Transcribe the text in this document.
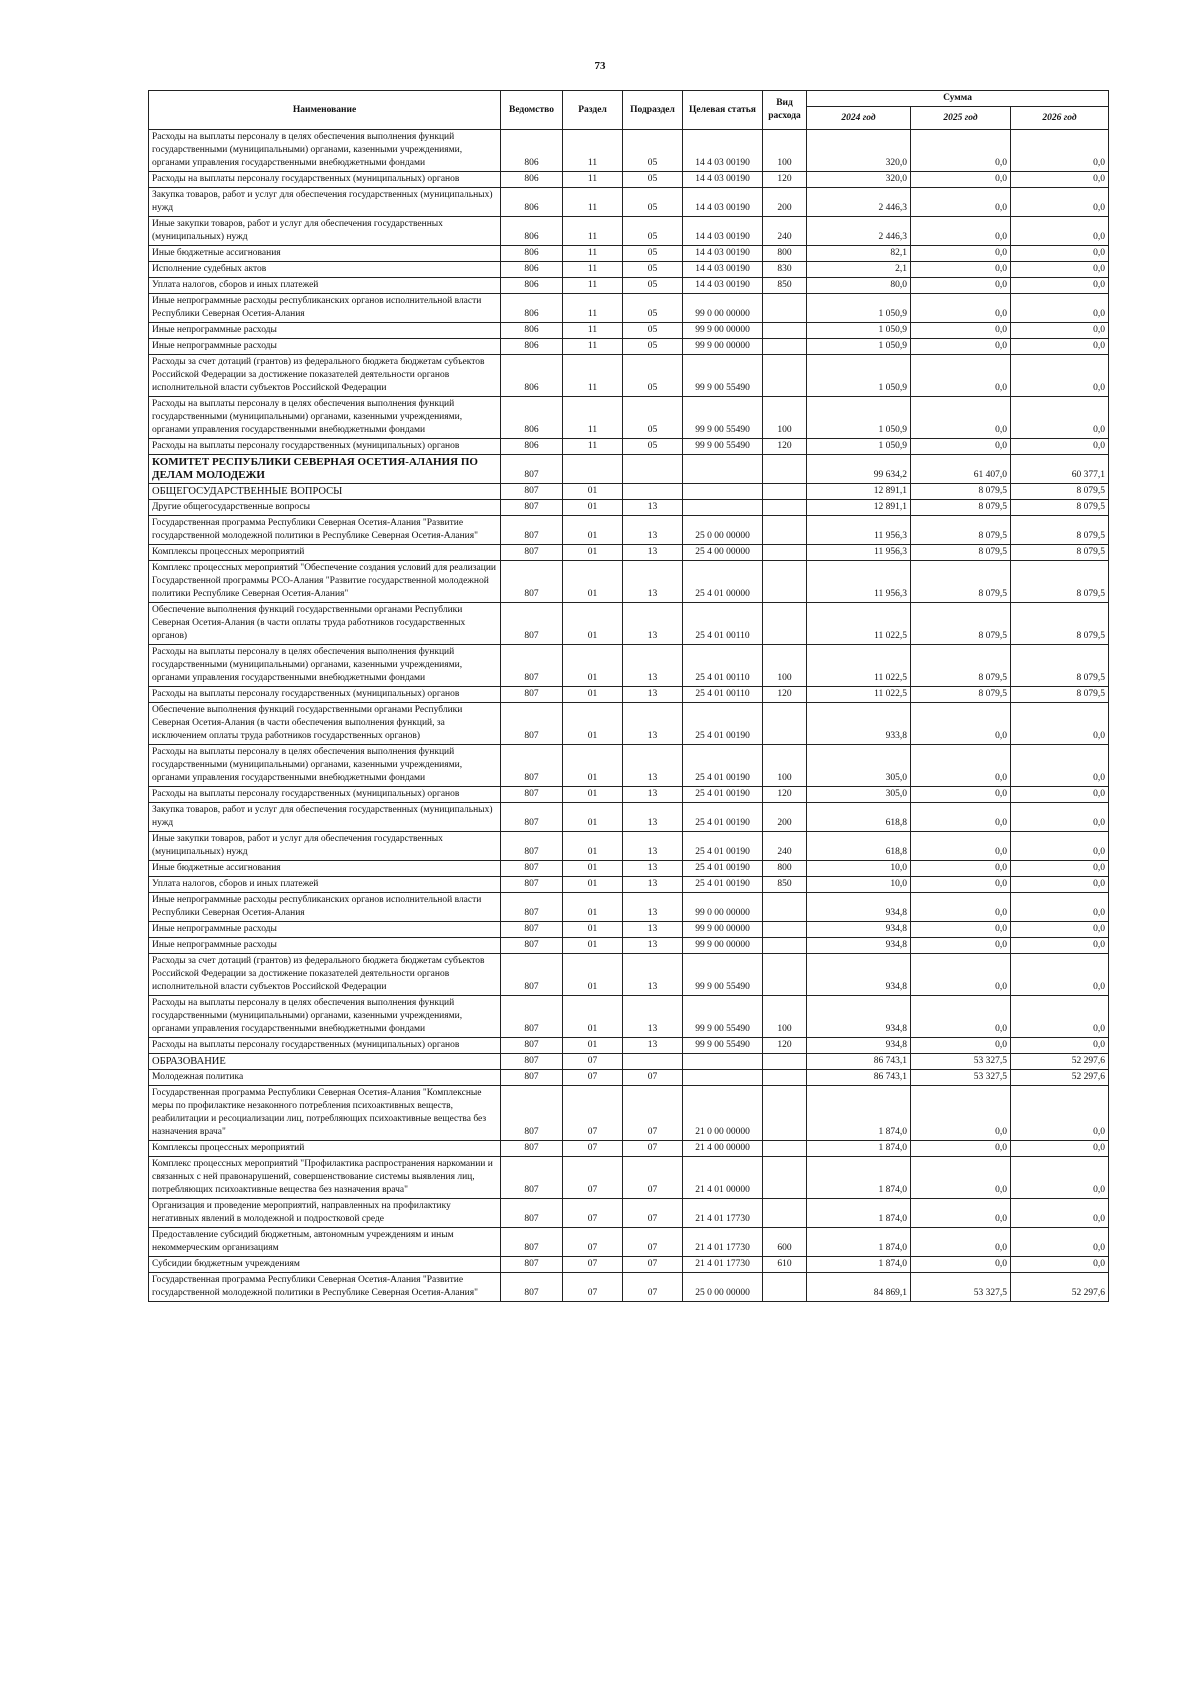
73
Наименование	Ведомство	Раздел	Подраздел	Целевая статья	Вид расхода	Сумма		
						2024 год	2025 год	2026 год
Расходы на выплаты персоналу в целях обеспечения выполнения функций государственными (муниципальными) органами, казенными учреждениями, органами управления государственными внебюджетными фондами	806	11	05	14 4 03 00190	100	320,0	0,0	0,0
Расходы на выплаты персоналу государственных (муниципальных) органов	806	11	05	14 4 03 00190	120	320,0	0,0	0,0
Закупка товаров, работ и услуг для обеспечения государственных (муниципальных) нужд	806	11	05	14 4 03 00190	200	2 446,3	0,0	0,0
Иные закупки товаров, работ и услуг для обеспечения государственных (муниципальных) нужд	806	11	05	14 4 03 00190	240	2 446,3	0,0	0,0
Иные бюджетные ассигнования	806	11	05	14 4 03 00190	800	82,1	0,0	0,0
Исполнение судебных актов	806	11	05	14 4 03 00190	830	2,1	0,0	0,0
Уплата налогов, сборов и иных платежей	806	11	05	14 4 03 00190	850	80,0	0,0	0,0
Иные непрограммные расходы республиканских органов исполнительной власти Республики Северная Осетия-Алания	806	11	05	99 0 00 00000		1 050,9	0,0	0,0
Иные непрограммные расходы	806	11	05	99 9 00 00000		1 050,9	0,0	0,0
Иные непрограммные расходы	806	11	05	99 9 00 00000		1 050,9	0,0	0,0
Расходы за счет дотаций (грантов) из федерального бюджета бюджетам субъектов Российской Федерации за достижение показателей деятельности органов исполнительной власти субъектов Российской Федерации	806	11	05	99 9 00 55490		1 050,9	0,0	0,0
Расходы на выплаты персоналу в целях обеспечения выполнения функций государственными (муниципальными) органами, казенными учреждениями, органами управления государственными внебюджетными фондами	806	11	05	99 9 00 55490	100	1 050,9	0,0	0,0
Расходы на выплаты персоналу государственных (муниципальных) органов	806	11	05	99 9 00 55490	120	1 050,9	0,0	0,0
КОМИТЕТ РЕСПУБЛИКИ СЕВЕРНАЯ ОСЕТИЯ-АЛАНИЯ ПО ДЕЛАМ МОЛОДЕЖИ	807					99 634,2	61 407,0	60 377,1
ОБЩЕГОСУДАРСТВЕННЫЕ ВОПРОСЫ	807	01				12 891,1	8 079,5	8 079,5
Другие общегосударственные вопросы	807	01	13			12 891,1	8 079,5	8 079,5
Государственная программа Республики Северная Осетия-Алания "Развитие государственной молодежной политики в Республике Северная Осетия-Алания"	807	01	13	25 0 00 00000		11 956,3	8 079,5	8 079,5
Комплексы процессных мероприятий	807	01	13	25 4 00 00000		11 956,3	8 079,5	8 079,5
Комплекс процессных мероприятий "Обеспечение создания условий для реализации Государственной программы РСО-Алания "Развитие государственной молодежной политики Республике Северная Осетия-Алания"	807	01	13	25 4 01 00000		11 956,3	8 079,5	8 079,5
Обеспечение выполнения функций государственными органами Республики Северная Осетия-Алания (в части оплаты труда работников государственных органов)	807	01	13	25 4 01 00110		11 022,5	8 079,5	8 079,5
Расходы на выплаты персоналу в целях обеспечения выполнения функций государственными (муниципальными) органами, казенными учреждениями, органами управления государственными внебюджетными фондами	807	01	13	25 4 01 00110	100	11 022,5	8 079,5	8 079,5
Расходы на выплаты персоналу государственных (муниципальных) органов	807	01	13	25 4 01 00110	120	11 022,5	8 079,5	8 079,5
Обеспечение выполнения функций государственными органами Республики Северная Осетия-Алания (в части обеспечения выполнения функций, за исключением оплаты труда работников государственных органов)	807	01	13	25 4 01 00190		933,8	0,0	0,0
Расходы на выплаты персоналу в целях обеспечения выполнения функций государственными (муниципальными) органами, казенными учреждениями, органами управления государственными внебюджетными фондами	807	01	13	25 4 01 00190	100	305,0	0,0	0,0
Расходы на выплаты персоналу государственных (муниципальных) органов	807	01	13	25 4 01 00190	120	305,0	0,0	0,0
Закупка товаров, работ и услуг для обеспечения государственных (муниципальных) нужд	807	01	13	25 4 01 00190	200	618,8	0,0	0,0
Иные закупки товаров, работ и услуг для обеспечения государственных (муниципальных) нужд	807	01	13	25 4 01 00190	240	618,8	0,0	0,0
Иные бюджетные ассигнования	807	01	13	25 4 01 00190	800	10,0	0,0	0,0
Уплата налогов, сборов и иных платежей	807	01	13	25 4 01 00190	850	10,0	0,0	0,0
Иные непрограммные расходы республиканских органов исполнительной власти Республики Северная Осетия-Алания	807	01	13	99 0 00 00000		934,8	0,0	0,0
Иные непрограммные расходы	807	01	13	99 9 00 00000		934,8	0,0	0,0
Иные непрограммные расходы	807	01	13	99 9 00 00000		934,8	0,0	0,0
Расходы за счет дотаций (грантов) из федерального бюджета бюджетам субъектов Российской Федерации за достижение показателей деятельности органов исполнительной власти субъектов Российской Федерации	807	01	13	99 9 00 55490		934,8	0,0	0,0
Расходы на выплаты персоналу в целях обеспечения выполнения функций государственными (муниципальными) органами, казенными учреждениями, органами управления государственными внебюджетными фондами	807	01	13	99 9 00 55490	100	934,8	0,0	0,0
Расходы на выплаты персоналу государственных (муниципальных) органов	807	01	13	99 9 00 55490	120	934,8	0,0	0,0
ОБРАЗОВАНИЕ	807	07				86 743,1	53 327,5	52 297,6
Молодежная политика	807	07	07			86 743,1	53 327,5	52 297,6
Государственная программа Республики Северная Осетия-Алания "Комплексные меры по профилактике незаконного потребления психоактивных веществ, реабилитации и ресоциализации лиц, потребляющих психоактивные вещества без назначения врача"	807	07	07	21 0 00 00000		1 874,0	0,0	0,0
Комплексы процессных мероприятий	807	07	07	21 4 00 00000		1 874,0	0,0	0,0
Комплекс процессных мероприятий "Профилактика распространения наркомании и связанных с ней правонарушений, совершенствование системы выявления лиц, потребляющих психоактивные вещества без назначения врача"	807	07	07	21 4 01 00000		1 874,0	0,0	0,0
Организация и проведение мероприятий, направленных на профилактику негативных явлений в молодежной и подростковой среде	807	07	07	21 4 01 17730		1 874,0	0,0	0,0
Предоставление субсидий бюджетным, автономным учреждениям и иным некоммерческим организациям	807	07	07	21 4 01 17730	600	1 874,0	0,0	0,0
Субсидии бюджетным учреждениям	807	07	07	21 4 01 17730	610	1 874,0	0,0	0,0
Государственная программа Республики Северная Осетия-Алания "Развитие государственной молодежной политики в Республике Северная Осетия-Алания"	807	07	07	25 0 00 00000		84 869,1	53 327,5	52 297,6
